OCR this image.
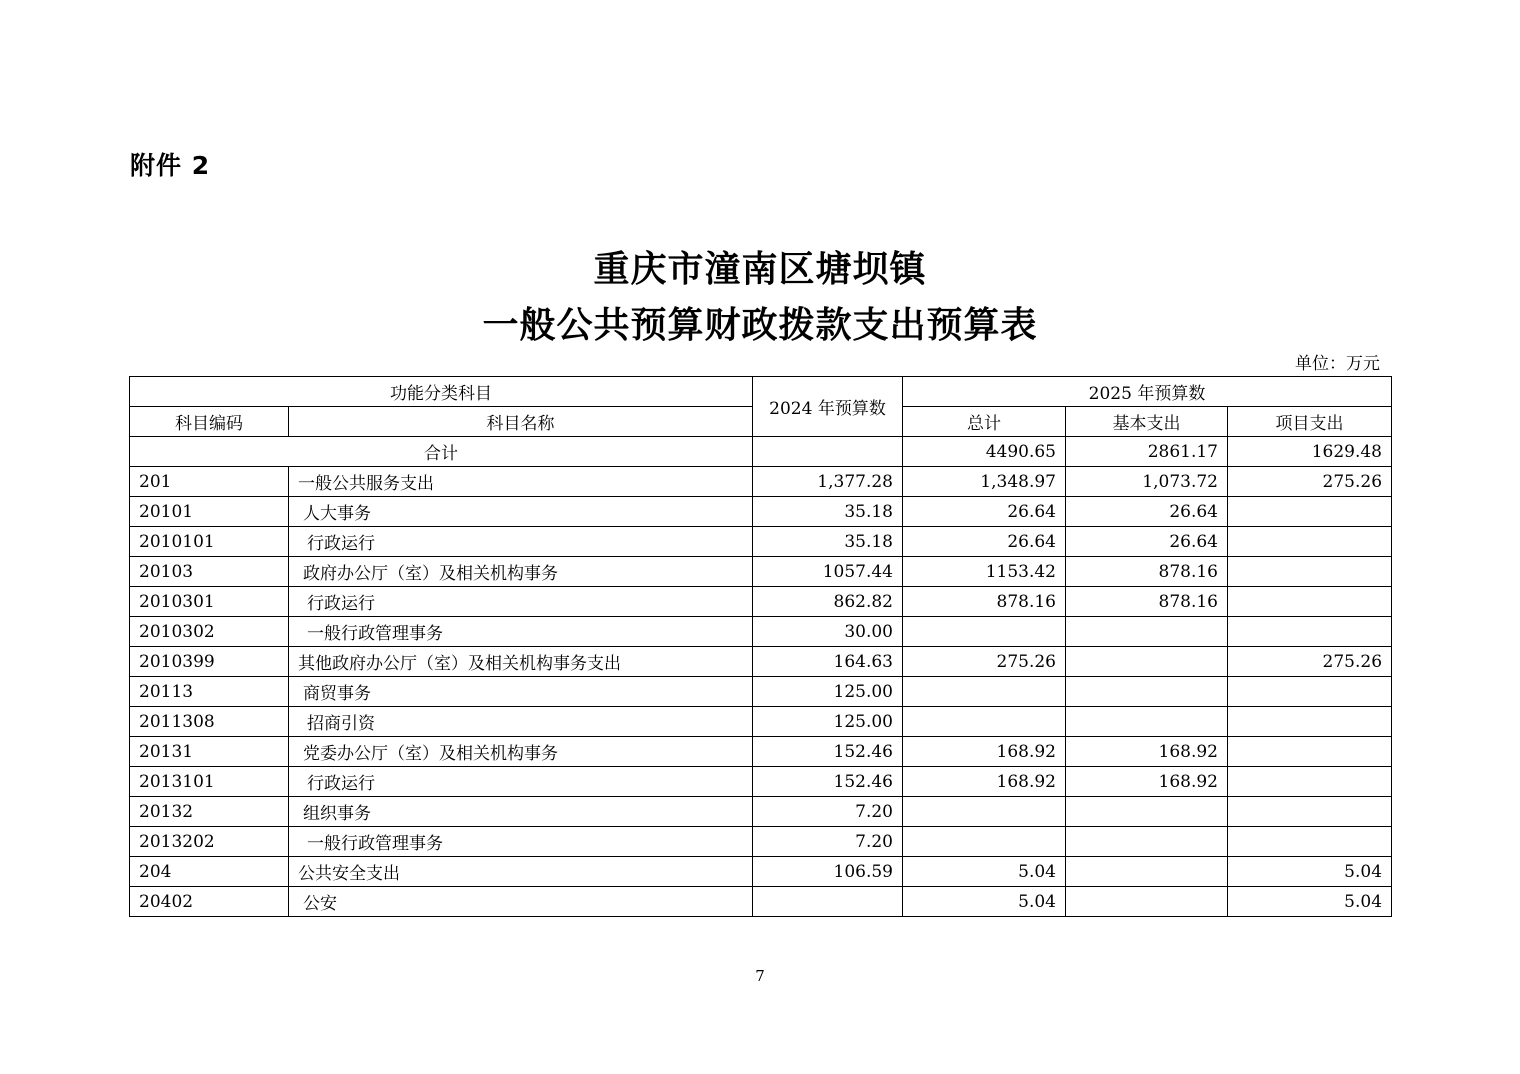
附件 2
重庆市潼南区塘坝镇
一般公共预算财政拨款支出预算表
单位：万元
功能分类科目		2024 年预算数	2025 年预算数		
科目编码	科目名称		总计	基本支出	项目支出
合计			4490.65	2861.17	1629.48
201	一般公共服务支出	1,377.28	1,348.97	1,073.72	275.26
20101	人大事务	35.18	26.64	26.64	
2010101	行政运行	35.18	26.64	26.64	
20103	政府办公厅（室）及相关机构事务	1057.44	1153.42	878.16	
2010301	行政运行	862.82	878.16	878.16	
2010302	一般行政管理事务	30.00			
2010399	其他政府办公厅（室）及相关机构事务支出	164.63	275.26		275.26
20113	商贸事务	125.00			
2011308	招商引资	125.00			
20131	党委办公厅（室）及相关机构事务	152.46	168.92	168.92	
2013101	行政运行	152.46	168.92	168.92	
20132	组织事务	7.20			
2013202	一般行政管理事务	7.20			
204	公共安全支出	106.59	5.04		5.04
20402	公安		5.04		5.04
7
